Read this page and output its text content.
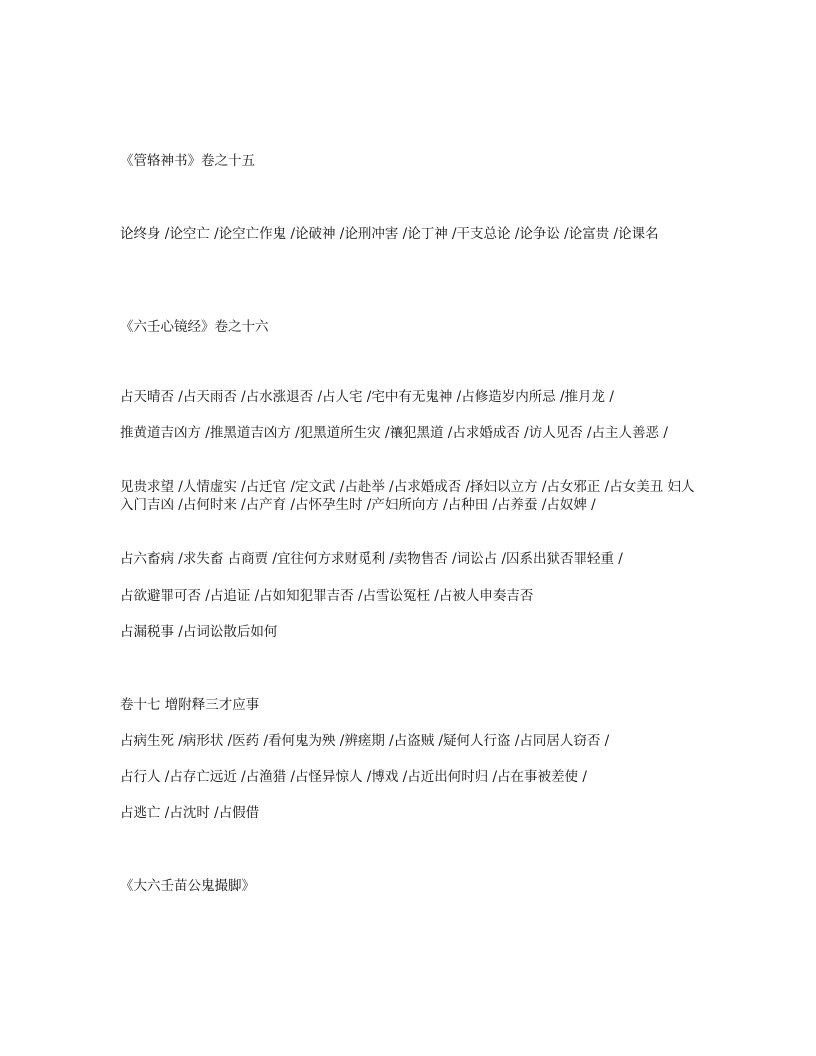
《管辂神书》卷之十五
论终身 /论空亡 /论空亡作鬼 /论破神 /论刑冲害 /论丁神 /干支总论 /论争讼 /论富贵 /论课名
《六壬心镜经》卷之十六
占天晴否 /占天雨否 /占水涨退否 /占人宅 /宅中有无鬼神 /占修造岁内所忌 /推月龙 /
推黄道吉凶方 /推黑道吉凶方 /犯黑道所生灾 /禳犯黑道 /占求婚成否 /访人见否 /占主人善恶 /
见贵求望 /人情虚实 /占迁官 /定文武 /占赴举 /占求婚成否 /择妇以立方 /占女邪正 /占女美丑 妇人入门吉凶 /占何时来 /占产育 /占怀孕生时 /产妇所向方 /占种田 /占养蚕 /占奴婢 /
占六畜病 /求失畜 占商贾 /宜往何方求财觅利 /卖物售否 /词讼占 /囚系出狱否罪轻重 /
占欲避罪可否 /占追证 /占如知犯罪吉否 /占雪讼冤枉 /占被人申奏吉否
占漏税事 /占词讼散后如何
卷十七 增附释三才应事
占病生死 /病形状 /医药 /看何鬼为殃 /辨瘥期 /占盗贼 /疑何人行盗 /占同居人窃否 /
占行人 /占存亡远近 /占渔猎 /占怪异惊人 /博戏 /占近出何时归 /占在事被差使 /
占逃亡 /占沈时 /占假借
《大六壬苗公鬼撮脚》
